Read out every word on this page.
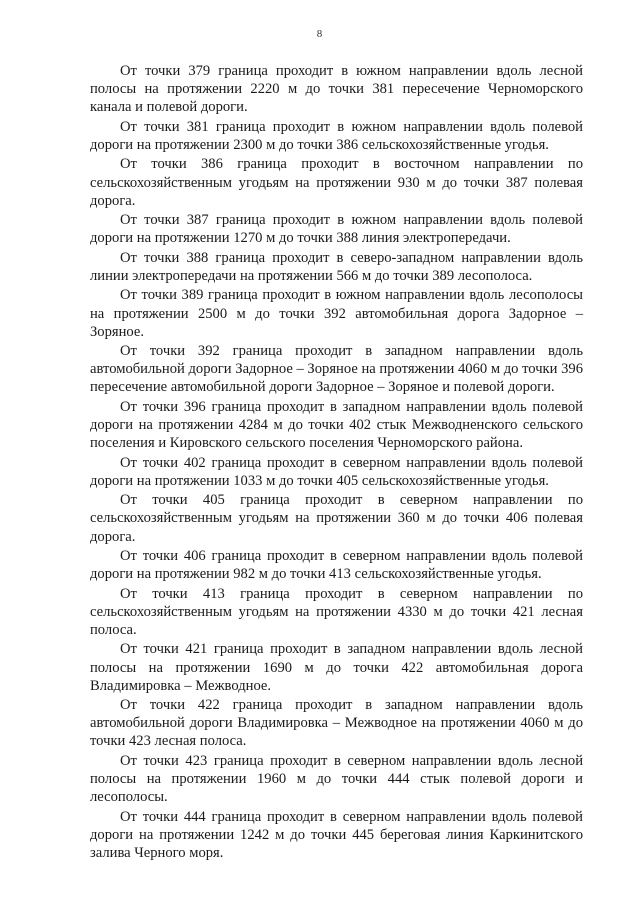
8

От точки 379 граница проходит в южном направлении вдоль лесной полосы на протяжении 2220 м до точки 381 пересечение Черноморского канала и полевой дороги.

От точки 381 граница проходит в южном направлении вдоль полевой дороги на протяжении 2300 м до точки 386 сельскохозяйственные угодья.

От точки 386 граница проходит в восточном направлении по сельскохозяйственным угодьям на протяжении 930 м до точки 387 полевая дорога.

От точки 387 граница проходит в южном направлении вдоль полевой дороги на протяжении 1270 м до точки 388 линия электропередачи.

От точки 388 граница проходит в северо-западном направлении вдоль линии электропередачи на протяжении 566 м до точки 389 лесополоса.

От точки 389 граница проходит в южном направлении вдоль лесополосы на протяжении 2500 м до точки 392 автомобильная дорога Задорное – Зоряное.

От точки 392 граница проходит в западном направлении вдоль автомобильной дороги Задорное – Зоряное на протяжении 4060 м до точки 396 пересечение автомобильной дороги Задорное – Зоряное и полевой дороги.

От точки 396 граница проходит в западном направлении вдоль полевой дороги на протяжении 4284 м до точки 402 стык Межводненского сельского поселения и Кировского сельского поселения Черноморского района.

От точки 402 граница проходит в северном направлении вдоль полевой дороги на протяжении 1033 м до точки 405 сельскохозяйственные угодья.

От точки 405 граница проходит в северном направлении по сельскохозяйственным угодьям на протяжении 360 м до точки 406 полевая дорога.

От точки 406 граница проходит в северном направлении вдоль полевой дороги на протяжении 982 м до точки 413 сельскохозяйственные угодья.

От точки 413 граница проходит в северном направлении по сельскохозяйственным угодьям на протяжении 4330 м до точки 421 лесная полоса.

От точки 421 граница проходит в западном направлении вдоль лесной полосы на протяжении 1690 м до точки 422 автомобильная дорога Владимировка – Межводное.

От точки 422 граница проходит в западном направлении вдоль автомобильной дороги Владимировка – Межводное на протяжении 4060 м до точки 423 лесная полоса.

От точки 423 граница проходит в северном направлении вдоль лесной полосы на протяжении 1960 м до точки 444 стык полевой дороги и лесополосы.

От точки 444 граница проходит в северном направлении вдоль полевой дороги на протяжении 1242 м до точки 445 береговая линия Каркинитского залива Черного моря.
